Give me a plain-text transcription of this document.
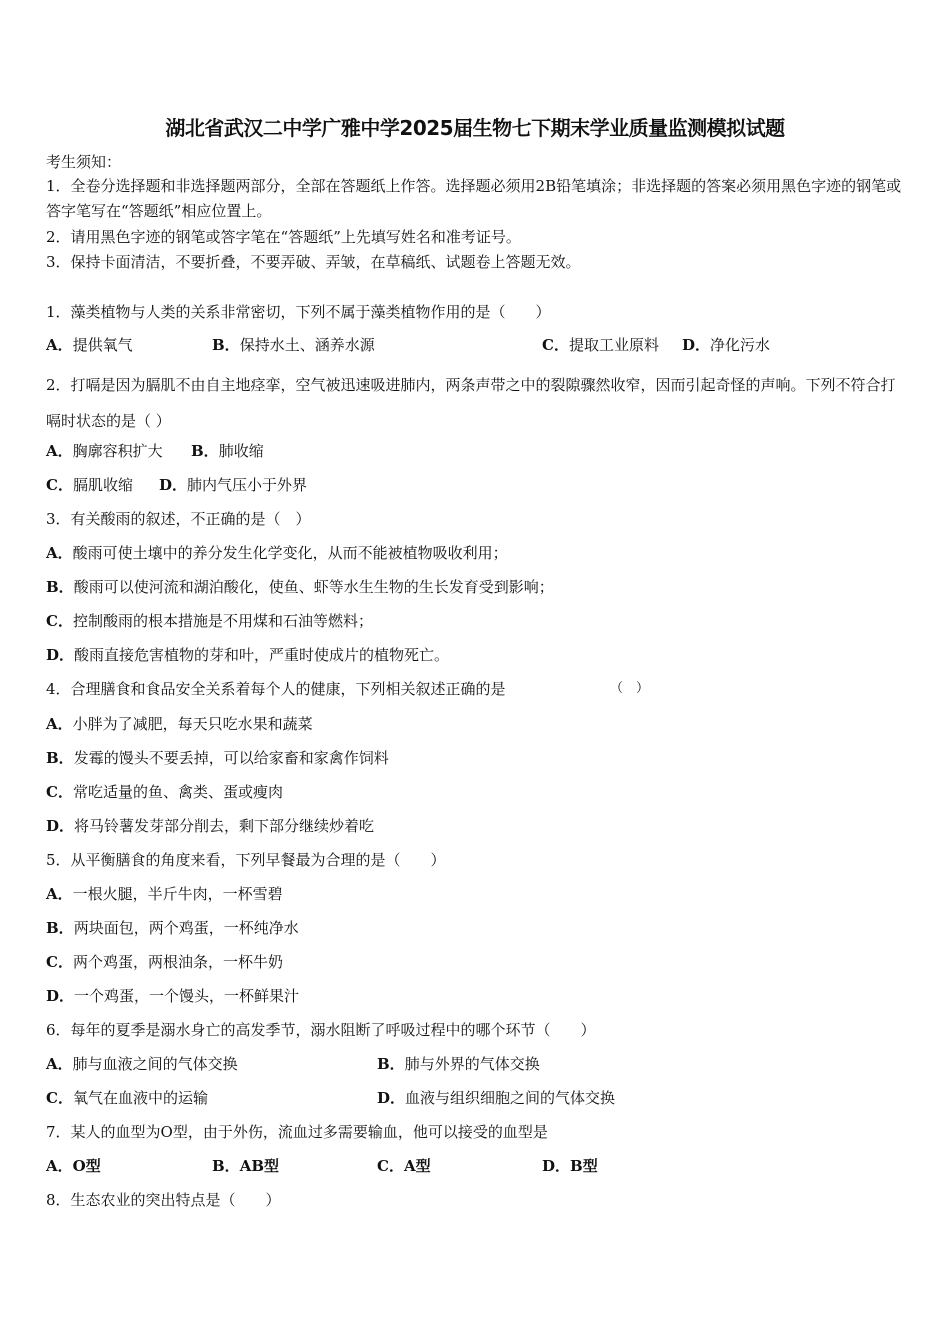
湖北省武汉二中学广雅中学2025届生物七下期末学业质量监测模拟试题
考生须知：
1．全卷分选择题和非选择题两部分，全部在答题纸上作答。选择题必须用2B铅笔填涂；非选择题的答案必须用黑色字迹的钢笔或答字笔写在“答题纸”相应位置上。
2．请用黑色字迹的钢笔或答字笔在“答题纸”上先填写姓名和准考证号。
3．保持卡面清洁，不要折叠，不要弄破、弄皱，在草稿纸、试题卷上答题无效。
1．藻类植物与人类的关系非常密切，下列不属于藻类植物作用的是（　　）
A．提供氧气	B．保持水土、涵养水源	C．提取工业原料 D．净化污水
2．打嗝是因为膈肌不由自主地痉挛，空气被迅速吸进肺内，两条声带之中的裂隙骤然收窄，因而引起奇怪的声响。下列不符合打嗝时状态的是（ ）
A．胸廓容积扩大 B．肺收缩
C．膈肌收缩 D．肺内气压小于外界
3．有关酸雨的叙述，不正确的是（　）
A．酸雨可使土壤中的养分发生化学变化，从而不能被植物吸收利用；
B．酸雨可以使河流和湖泊酸化，使鱼、虾等水生生物的生长发育受到影响；
C．控制酸雨的根本措施是不用煤和石油等燃料；
D．酸雨直接危害植物的芽和叶，严重时使成片的植物死亡。
4．合理膳食和食品安全关系着每个人的健康，下列相关叙述正确的是	（　）
A．小胖为了减肥，每天只吃水果和蔬菜
B．发霉的馒头不要丢掉，可以给家畜和家禽作饲料
C．常吃适量的鱼、禽类、蛋或瘦肉
D．将马铃薯发芽部分削去，剩下部分继续炒着吃
5．从平衡膳食的角度来看，下列早餐最为合理的是（　　）
A．一根火腿，半斤牛肉，一杯雪碧
B．两块面包，两个鸡蛋，一杯纯净水
C．两个鸡蛋，两根油条，一杯牛奶
D．一个鸡蛋，一个馒头，一杯鲜果汁
6．每年的夏季是溺水身亡的高发季节，溺水阻断了呼吸过程中的哪个环节（　　）
A．肺与血液之间的气体交换	B．肺与外界的气体交换
C．氧气在血液中的运输	D．血液与组织细胞之间的气体交换
7．某人的血型为O型，由于外伤，流血过多需要输血，他可以接受的血型是
A．O型	B．AB型	C．A型	D．B型
8．生态农业的突出特点是（　　）
